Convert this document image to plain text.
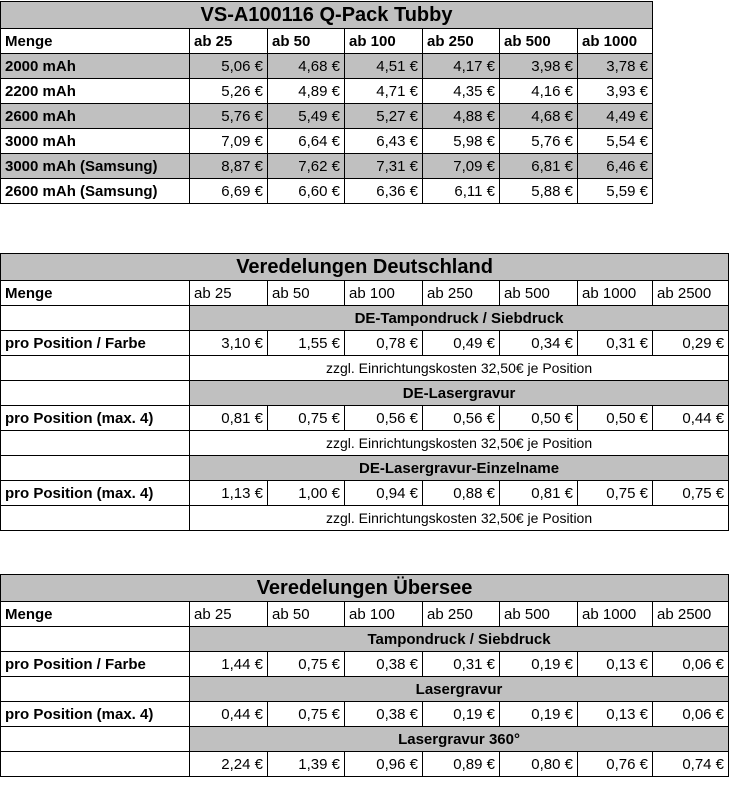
VS-A100116 Q-Pack Tubby						
Menge	ab 25	ab 50	ab 100	ab 250	ab 500	ab 1000
2000 mAh	5,06 €	4,68 €	4,51 €	4,17 €	3,98 €	3,78 €
2200 mAh	5,26 €	4,89 €	4,71 €	4,35 €	4,16 €	3,93 €
2600 mAh	5,76 €	5,49 €	5,27 €	4,88 €	4,68 €	4,49 €
3000 mAh	7,09 €	6,64 €	6,43 €	5,98 €	5,76 €	5,54 €
3000 mAh (Samsung)	8,87 €	7,62 €	7,31 €	7,09 €	6,81 €	6,46 €
2600 mAh (Samsung)	6,69 €	6,60 €	6,36 €	6,11 €	5,88 €	5,59 €
Veredelungen Deutschland							
Menge	ab 25	ab 50	ab 100	ab 250	ab 500	ab 1000	ab 2500
	DE-Tampondruck / Siebdruck						
pro Position / Farbe	3,10 €	1,55 €	0,78 €	0,49 €	0,34 €	0,31 €	0,29 €
	zzgl. Einrichtungskosten 32,50€ je Position						
	DE-Lasergravur						
pro Position (max. 4)	0,81 €	0,75 €	0,56 €	0,56 €	0,50 €	0,50 €	0,44 €
	zzgl. Einrichtungskosten 32,50€ je Position						
	DE-Lasergravur-Einzelname						
pro Position (max. 4)	1,13 €	1,00 €	0,94 €	0,88 €	0,81 €	0,75 €	0,75 €
	zzgl. Einrichtungskosten 32,50€ je Position						
Veredelungen Übersee							
Menge	ab 25	ab 50	ab 100	ab 250	ab 500	ab 1000	ab 2500
	Tampondruck / Siebdruck						
pro Position / Farbe	1,44 €	0,75 €	0,38 €	0,31 €	0,19 €	0,13 €	0,06 €
	Lasergravur						
pro Position (max. 4)	0,44 €	0,75 €	0,38 €	0,19 €	0,19 €	0,13 €	0,06 €
	Lasergravur 360°						
	2,24 €	1,39 €	0,96 €	0,89 €	0,80 €	0,76 €	0,74 €
